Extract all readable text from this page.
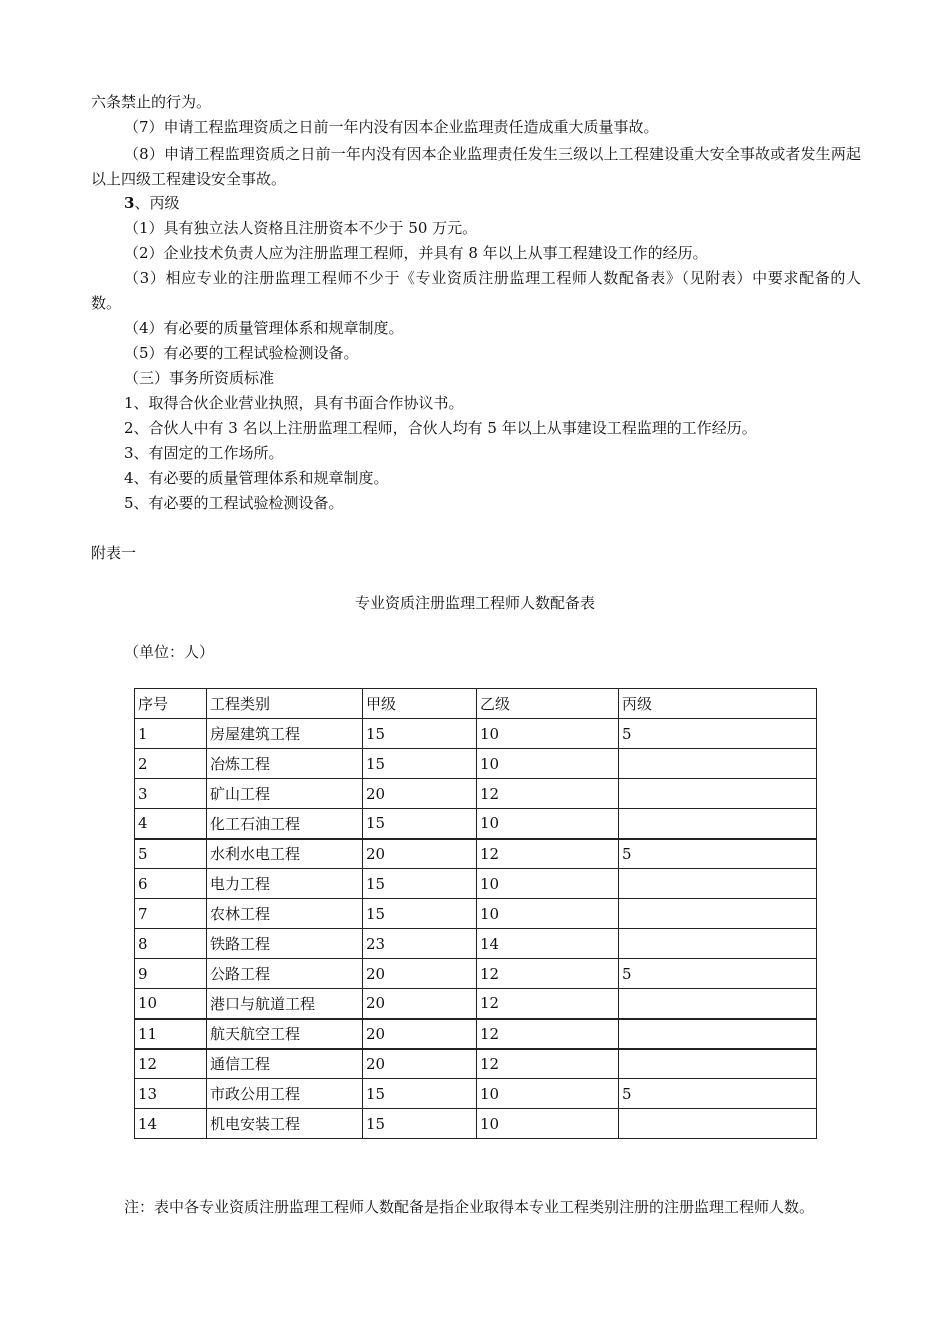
六条禁止的行为。
（7）申请工程监理资质之日前一年内没有因本企业监理责任造成重大质量事故。
（8）申请工程监理资质之日前一年内没有因本企业监理责任发生三级以上工程建设重大安全事故或者发生两起以上四级工程建设安全事故。
3、丙级
（1）具有独立法人资格且注册资本不少于 50 万元。
（2）企业技术负责人应为注册监理工程师，并具有 8 年以上从事工程建设工作的经历。
（3）相应专业的注册监理工程师不少于《专业资质注册监理工程师人数配备表》（见附表）中要求配备的人数。
（4）有必要的质量管理体系和规章制度。
（5）有必要的工程试验检测设备。
（三）事务所资质标准
1、取得合伙企业营业执照，具有书面合作协议书。
2、合伙人中有 3 名以上注册监理工程师，合伙人均有 5 年以上从事建设工程监理的工作经历。
3、有固定的工作场所。
4、有必要的质量管理体系和规章制度。
5、有必要的工程试验检测设备。
附表一
专业资质注册监理工程师人数配备表
（单位：人）
序号	工程类别	甲级	乙级	丙级
1	房屋建筑工程	15	10	5
2	冶炼工程	15	10	
3	矿山工程	20	12	
4	化工石油工程	15	10	
5	水利水电工程	20	12	5
6	电力工程	15	10	
7	农林工程	15	10	
8	铁路工程	23	14	
9	公路工程	20	12	5
10	港口与航道工程	20	12	
11	航天航空工程	20	12	
12	通信工程	20	12	
13	市政公用工程	15	10	5
14	机电安装工程	15	10	
注：表中各专业资质注册监理工程师人数配备是指企业取得本专业工程类别注册的注册监理工程师人数。
